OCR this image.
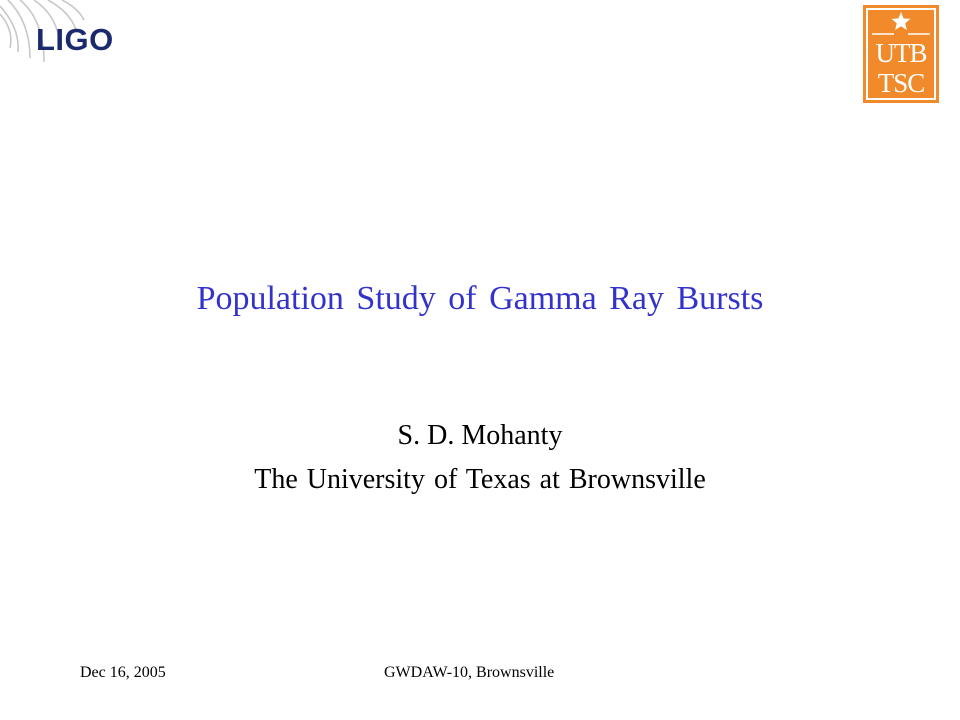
LIGO	UTB
TSC
Population Study of Gamma Ray Bursts
S. D. Mohanty
The University of Texas at Brownsville
Dec 16, 2005	GWDAW-10, Brownsville
